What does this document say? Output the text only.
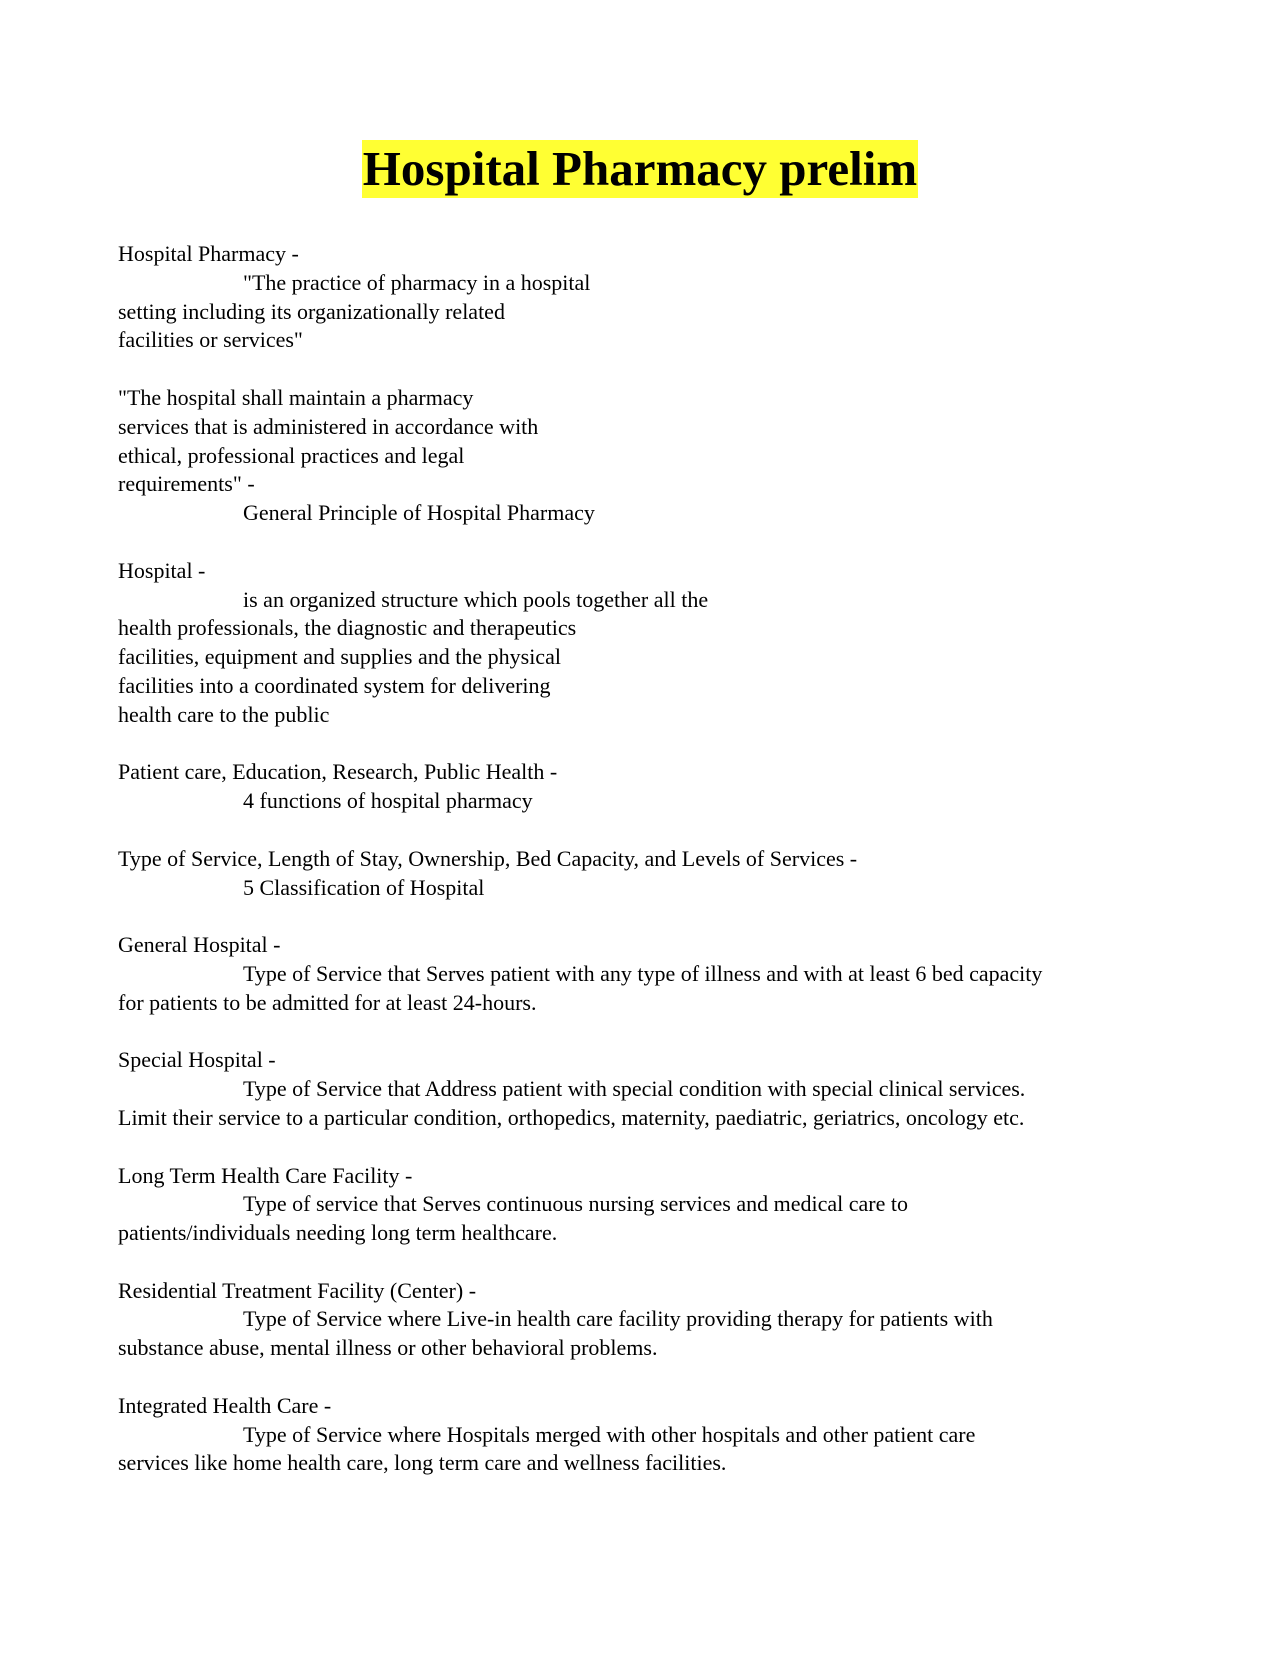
Hospital Pharmacy prelim
Hospital Pharmacy -
"The practice of pharmacy in a hospital
setting including its organizationally related
facilities or services"
"The hospital shall maintain a pharmacy
services that is administered in accordance with
ethical, professional practices and legal
requirements" -
General Principle of Hospital Pharmacy
Hospital -
is an organized structure which pools together all the
health professionals, the diagnostic and therapeutics
facilities, equipment and supplies and the physical
facilities into a coordinated system for delivering
health care to the public
Patient care, Education, Research, Public Health -
4 functions of hospital pharmacy
Type of Service, Length of Stay, Ownership, Bed Capacity, and Levels of Services -
5 Classification of Hospital
General Hospital -
Type of Service that Serves patient with any type of illness and with at least 6 bed capacity
for patients to be admitted for at least 24-hours.
Special Hospital -
Type of Service that Address patient with special condition with special clinical services.
Limit their service to a particular condition, orthopedics, maternity, paediatric, geriatrics, oncology etc.
Long Term Health Care Facility -
Type of service that Serves continuous nursing services and medical care to
patients/individuals needing long term healthcare.
Residential Treatment Facility (Center) -
Type of Service where Live-in health care facility providing therapy for patients with
substance abuse, mental illness or other behavioral problems.
Integrated Health Care -
Type of Service where Hospitals merged with other hospitals and other patient care
services like home health care, long term care and wellness facilities.
